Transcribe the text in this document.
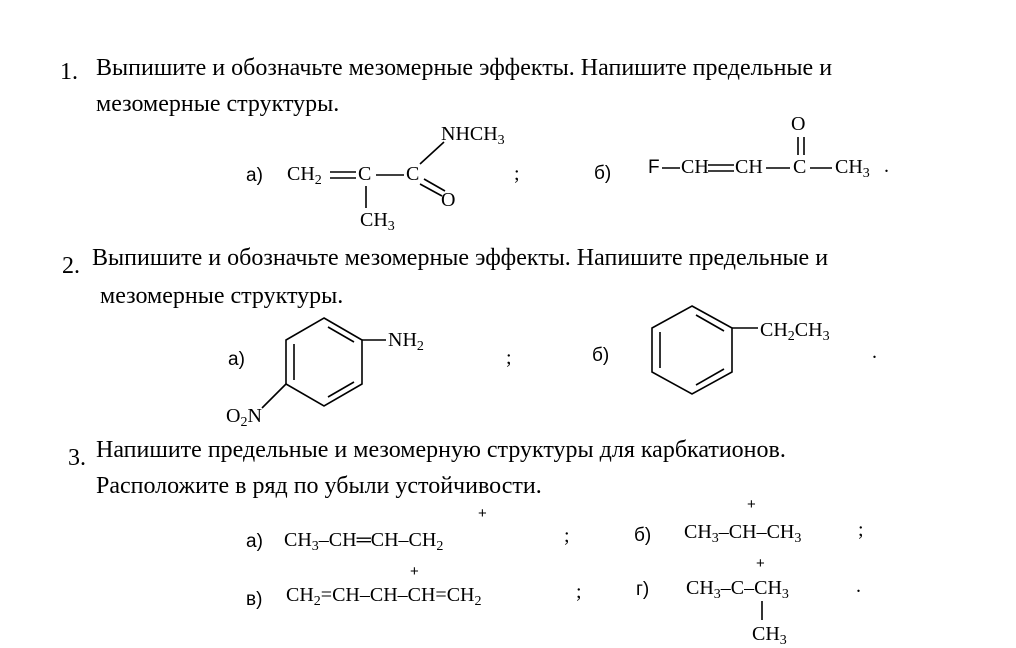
1. Выпишите и обозначьте мезомерные эффекты. Напишите предельные и
мезомерные структуры.
а) $CH_2$ C C
$NHCH_3$
O
$CH_3$
;	б) F CH CH C
O
$CH_3$ .
2. Выпишите и обозначьте мезомерные эффекты. Напишите предельные и
мезомерные структуры.
а)
$NH_2$
$O_2N$
;	б)
$CH_2CH_3$
.
3. Напишите предельные и мезомерную структуры для карбкатионов.
Расположите в ряд по убыли устойчивости.
а) $CH_3-CH═CH-CH_2$
+
;	б) $CH_3-CH-CH_3$
+
;
в) $CH_2=CH-CH-CH=CH_2$
+
;	г) $CH_3-C-CH_3$
+
$CH_3$
.
